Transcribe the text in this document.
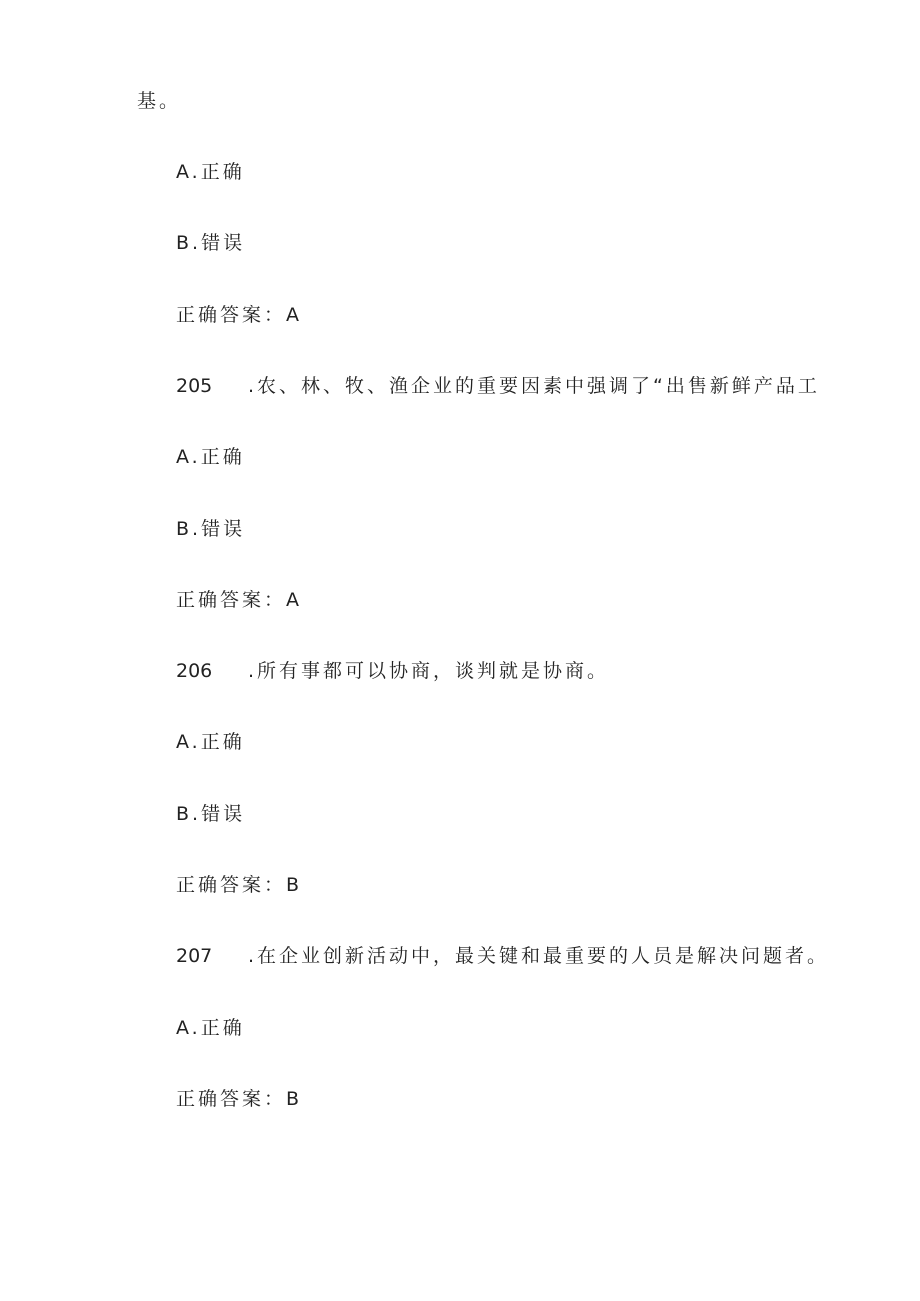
基。
A.正确
B.错误
正确答案：A
205 .农、林、牧、渔企业的重要因素中强调了“出售新鲜产品工
A.正确
B.错误
正确答案：A
206 .所有事都可以协商，谈判就是协商。
A.正确
B.错误
正确答案：B
207 .在企业创新活动中，最关键和最重要的人员是解决问题者。
A.正确
正确答案：B
